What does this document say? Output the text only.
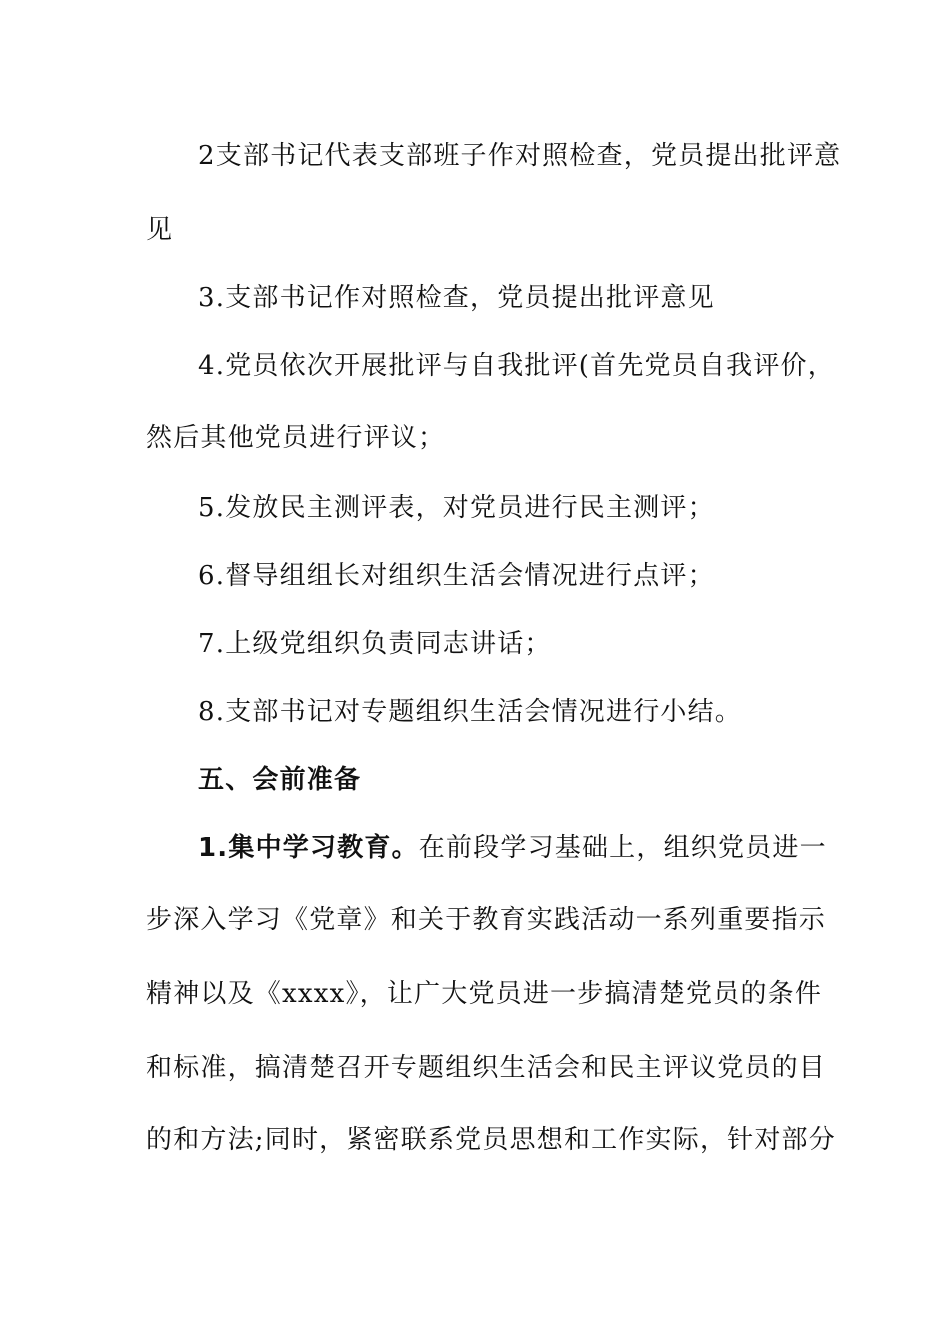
2支部书记代表支部班子作对照检查，党员提出批评意
见
3.支部书记作对照检查，党员提出批评意见
4.党员依次开展批评与自我批评(首先党员自我评价，
然后其他党员进行评议；
5.发放民主测评表，对党员进行民主测评；
6.督导组组长对组织生活会情况进行点评；
7.上级党组织负责同志讲话；
8.支部书记对专题组织生活会情况进行小结。
五、会前准备
1.集中学习教育。在前段学习基础上，组织党员进一
步深入学习《党章》和关于教育实践活动一系列重要指示
精神以及《xxxx》，让广大党员进一步搞清楚党员的条件
和标准，搞清楚召开专题组织生活会和民主评议党员的目
的和方法;同时，紧密联系党员思想和工作实际，针对部分
